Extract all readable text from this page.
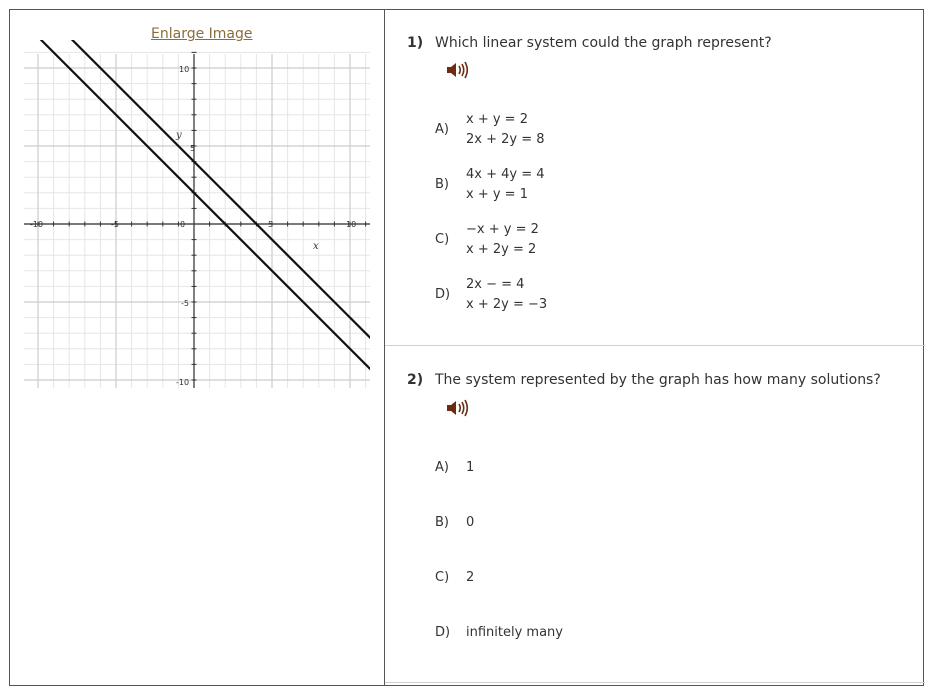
Enlarge Image
-10	-5	0	5	10
10
5
-5
-10
x
y
1) Which linear system could the graph represent?
A)
x + y = 2
2x + 2y = 8
B)
4x + 4y = 4
x + y = 1
C)
−x + y = 2
x + 2y = 2
D)
2x − = 4
x + 2y = −3
2) The system represented by the graph has how many solutions?
A) 1
B) 0
C) 2
D) infinitely many
